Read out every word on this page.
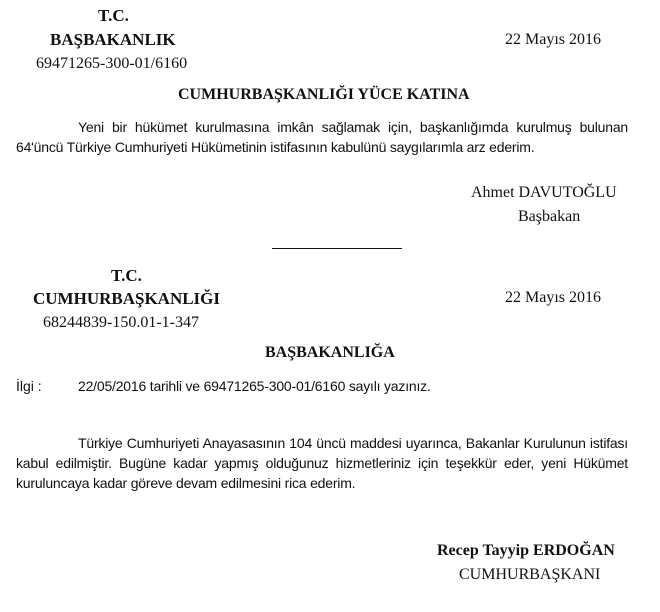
T.C.
BAŞBAKANLIK
69471265-300-01/6160
22 Mayıs 2016
CUMHURBAŞKANLIĞI YÜCE KATINA

Yeni bir hükümet kurulmasına imkân sağlamak için, başkanlığımda kurulmuş bulunan 64'üncü Türkiye Cumhuriyeti Hükümetinin istifasının kabulünü saygılarımla arz ederim.

Ahmet DAVUTOĞLU
Başbakan
T.C.
CUMHURBAŞKANLIĞI
68244839-150.01-1-347
22 Mayıs 2016
BAŞBAKANLIĞA
İlgi :	22/05/2016 tarihli ve 69471265-300-01/6160 sayılı yazınız.

Türkiye Cumhuriyeti Anayasasının 104 üncü maddesi uyarınca, Bakanlar Kurulunun istifası kabul edilmiştir. Bugüne kadar yapmış olduğunuz hizmetleriniz için teşekkür eder, yeni Hükümet kuruluncaya kadar göreve devam edilmesini rica ederim.

Recep Tayyip ERDOĞAN
CUMHURBAŞKANI
